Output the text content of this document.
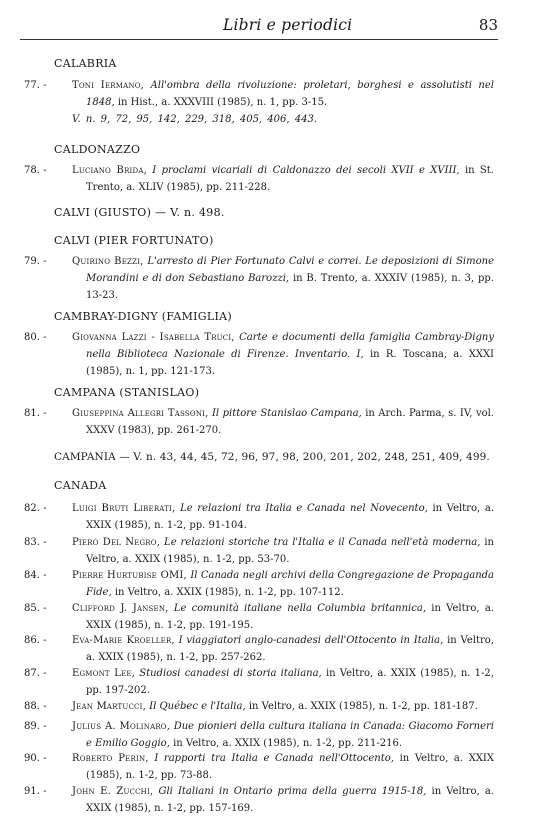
Libri e periodici	83
CALABRIA
77. -	Toni Iermano, All'ombra della rivoluzione: proletari, borghesi e assolutisti nel 1848, in Hist., a. XXXVIII (1985), n. 1, pp. 3-15.
V. n. 9, 72, 95, 142, 229, 318, 405, 406, 443.
CALDONAZZO
78. -	Luciano Brida, I proclami vicariali di Caldonazzo dei secoli XVII e XVIII, in St. Trento, a. XLIV (1985), pp. 211-228.
CALVI (GIUSTO) — V. n. 498.
CALVI (PIER FORTUNATO)
79. -	Quirino Bezzi, L'arresto di Pier Fortunato Calvi e correi. Le deposizioni di Simone Morandini e di don Sebastiano Barozzi, in B. Trento, a. XXXIV (1985), n. 3, pp. 13-23.
CAMBRAY-DIGNY (FAMIGLIA)
80. -	Giovanna Lazzi - Isabella Truci, Carte e documenti della famiglia Cambray-Digny nella Biblioteca Nazionale di Firenze. Inventario. I, in R. Toscana, a. XXXI (1985), n. 1, pp. 121-173.
CAMPANA (STANISLAO)
81. -	Giuseppina Allegri Tassoni, Il pittore Stanislao Campana, in Arch. Parma, s. IV, vol. XXXV (1983), pp. 261-270.
CAMPANIA — V. n. 43, 44, 45, 72, 96, 97, 98, 200, 201, 202, 248, 251, 409, 499.
CANADA
82. -	Luigi Bruti Liberati, Le relazioni tra Italia e Canada nel Novecento, in Veltro, a. XXIX (1985), n. 1-2, pp. 91-104.
83. -	Piero Del Negro, Le relazioni storiche tra l'Italia e il Canada nell'età moderna, in Veltro, a. XXIX (1985), n. 1-2, pp. 53-70.
84. -	Pierre Hurtubise OMI, Il Canada negli archivi della Congregazione de Propaganda Fide, in Veltro, a. XXIX (1985), n. 1-2, pp. 107-112.
85. -	Clifford J. Jansen, Le comunità italiane nella Columbia britannica, in Veltro, a. XXIX (1985), n. 1-2, pp. 191-195.
86. -	Eva-Marie Kroeller, I viaggiatori anglo-canadesi dell'Ottocento in Italia, in Veltro, a. XXIX (1985), n. 1-2, pp. 257-262.
87. -	Egmont Lee, Studiosi canadesi di storia italiana, in Veltro, a. XXIX (1985), n. 1-2, pp. 197-202.
88. -	Jean Martucci, Il Québec e l'Italia, in Veltro, a. XXIX (1985), n. 1-2, pp. 181-187.
89. -	Julius A. Molinaro, Due pionieri della cultura italiana in Canada: Giacomo Forneri e Emilio Goggio, in Veltro, a. XXIX (1985), n. 1-2, pp. 211-216.
90. -	Roberto Perin, I rapporti tra Italia e Canada nell'Ottocento, in Veltro, a. XXIX (1985), n. 1-2, pp. 73-88.
91. -	John E. Zucchi, Gli Italiani in Ontario prima della guerra 1915-18, in Veltro, a. XXIX (1985), n. 1-2, pp. 157-169.
